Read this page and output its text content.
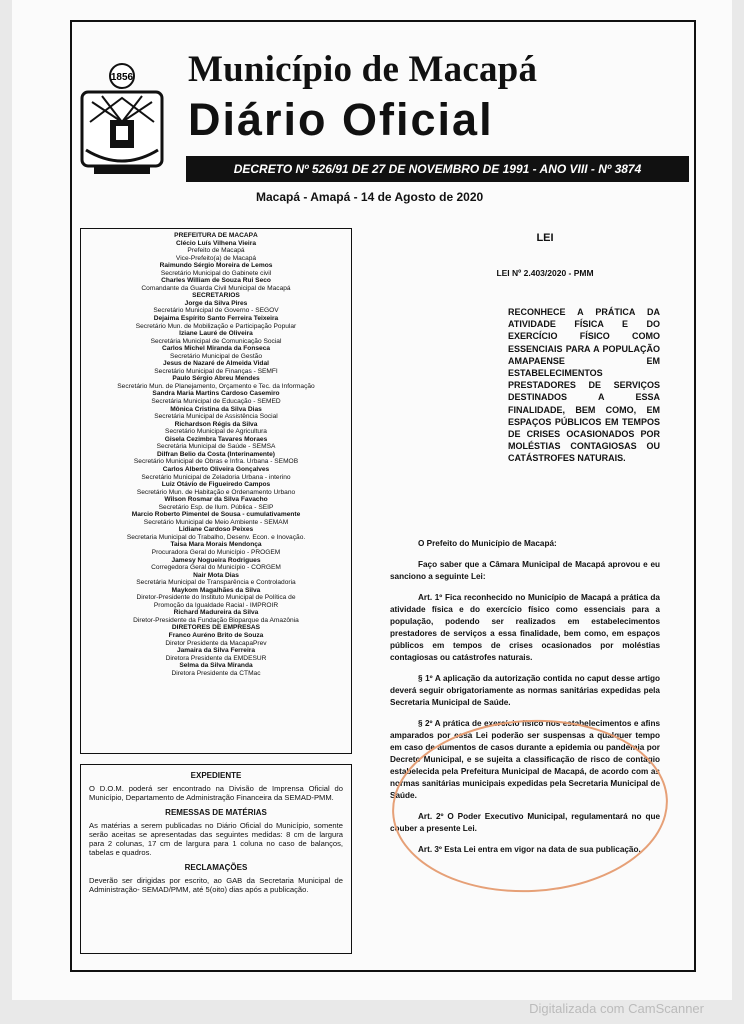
1856 Município de Macapá
Diário Oficial
DECRETO Nº 526/91 DE 27 DE NOVEMBRO DE 1991 - ANO VIII - Nº 3874
Macapá - Amapá - 14 de Agosto de 2020
PREFEITURA DE MACAPÁ
Clécio Luís Vilhena Vieira
Prefeito de Macapá
Vice-Prefeito(a) de Macapá
Raimundo Sérgio Moreira de Lemos
Secretário Municipal do Gabinete civil
Charles William de Souza Rui Seco
Comandante da Guarda Civil Municipal de Macapá
SECRETÁRIOS
Jorge da Silva Pires
Secretário Municipal de Governo - SEGOV
Dejaima Espírito Santo Ferreira Teixeira
Secretário Mun. de Mobilização e Participação Popular
Iziane Lauré de Oliveira
Secretária Municipal de Comunicação Social
Carlos Michel Miranda da Fonseca
Secretário Municipal de Gestão
Jesus de Nazaré de Almeida Vidal
Secretário Municipal de Finanças - SEMFI
Paulo Sérgio Abreu Mendes
Secretário Mun. de Planejamento, Orçamento e Tec. da Informação
Sandra Maria Martins Cardoso Casemiro
Secretária Municipal de Educação - SEMED
Mônica Cristina da Silva Dias
Secretária Municipal de Assistência Social
Richardson Régis da Silva
Secretário Municipal de Agricultura
Gisela Cezimbra Tavares Moraes
Secretária Municipal de Saúde - SEMSA
Dilfran Belio da Costa (Interinamente)
Secretário Municipal de Obras e Infra. Urbana - SEMOB
Carlos Alberto Oliveira Gonçalves
Secretário Municipal de Zeladoria Urbana - interino
Luiz Otávio de Figueiredo Campos
Secretário Mun. de Habitação e Ordenamento Urbano
Wilson Rosmar da Silva Favacho
Secretário Esp. de Ilum. Pública - SEIP
Marcio Roberto Pimentel de Sousa - cumulativamente
Secretário Municipal de Meio Ambiente - SEMAM
Lidiane Cardoso Peixes
Secretaria Municipal do Trabalho, Desenv. Econ. e Inovação.
Taisa Mara Morais Mendonça
Procuradora Geral do Município - PROGEM
Jamesy Nogueira Rodrigues
Corregedora Geral do Município - CORGEM
Nair Mota Dias
Secretária Municipal de Transparência e Controladoria
Maykom Magalhães da Silva
Diretor-Presidente do Instituto Municipal de Política de
Promoção da Igualdade Racial - IMPROIR
Richard Madureira da Silva
Diretor-Presidente da Fundação Bioparque da Amazônia
DIRETORES DE EMPRESAS
Franco Auréno Brito de Souza
Diretor Presidente da MacapaPrev
Jamaira da Silva Ferreira
Diretora Presidente da EMDESUR
Selma da Silva Miranda
Diretora Presidente da CTMac
EXPEDIENTE
O D.O.M. poderá ser encontrado na Divisão de Imprensa Oficial do Município, Departamento de Administração Financeira da SEMAD-PMM.
REMESSAS DE MATÉRIAS
As matérias a serem publicadas no Diário Oficial do Município, somente serão aceitas se apresentadas das seguintes medidas: 8 cm de largura para 2 colunas, 17 cm de largura para 1 coluna no caso de balanços, tabelas e quadros.
RECLAMAÇÕES
Deverão ser dirigidas por escrito, ao GAB da Secretaria Municipal de Administração- SEMAD/PMM, até 5(oito) dias após a publicação.
LEI
LEI Nº 2.403/2020 - PMM
RECONHECE A PRÁTICA DA ATIVIDADE FÍSICA E DO EXERCÍCIO FÍSICO COMO ESSENCIAIS PARA A POPULAÇÃO AMAPAENSE EM ESTABELECIMENTOS PRESTADORES DE SERVIÇOS DESTINADOS A ESSA FINALIDADE, BEM COMO, EM ESPAÇOS PÚBLICOS EM TEMPOS DE CRISES OCASIONADOS POR MOLÉSTIAS CONTAGIOSAS OU CATÁSTROFES NATURAIS.

O Prefeito do Município de Macapá:

Faço saber que a Câmara Municipal de Macapá aprovou e eu sanciono a seguinte Lei:

Art. 1º Fica reconhecido no Município de Macapá a prática da atividade física e do exercício físico como essenciais para a população, podendo ser realizados em estabelecimentos prestadores de serviços a essa finalidade, bem como, em espaços públicos em tempos de crises ocasionados por moléstias contagiosas ou catástrofes naturais.

§ 1º A aplicação da autorização contida no caput desse artigo deverá seguir obrigatoriamente as normas sanitárias expedidas pela Secretaria Municipal de Saúde.

§ 2º A prática de exercício físico nos estabelecimentos e afins amparados por essa Lei poderão ser suspensas a qualquer tempo em caso de aumentos de casos durante a epidemia ou pandemia por Decreto Municipal, e se sujeita a classificação de risco de contágio estabelecida pela Prefeitura Municipal de Macapá, de acordo com as normas sanitárias municipais expedidas pela Secretaria Municipal de Saúde.

Art. 2º O Poder Executivo Municipal, regulamentará no que couber a presente Lei.

Art. 3º Esta Lei entra em vigor na data de sua publicação.

Digitalizada com CamScanner
